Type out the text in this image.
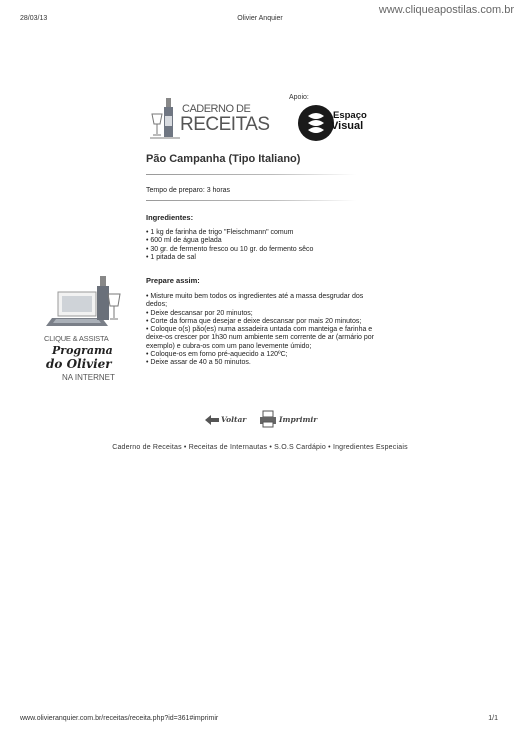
28/03/13	Olivier Anquier
www.cliqueapostilas.com.br
CADERNO DE
RECEITAS
Apoio:
Espaço
Visual
Pão Campanha (Tipo Italiano)
Tempo de preparo: 3 horas
Ingredientes:
• 1 kg de farinha de trigo "Fleischmann" comum
• 600 ml de água gelada
• 30 gr. de fermento fresco ou 10 gr. do fermento sêco
• 1 pitada de sal
Prepare assim:
• Misture muito bem todos os ingredientes até a massa desgrudar dos dedos;
• Deixe descansar por 20 minutos;
• Corte da forma que desejar e deixe descansar por mais 20 minutos;
• Coloque o(s) pão(es) numa assadeira untada com manteiga e farinha e deixe-os crescer por 1h30 num ambiente sem corrente de ar (armário por exemplo) e cubra-os com um pano levemente úmido;
• Coloque-os em forno pré-aquecido a 120ºC;
• Deixe assar de 40 a 50 minutos.
CLIQUE & ASSISTA
Programa
do Olivier
NA INTERNET
Voltar	Imprimir
Caderno de Receitas • Receitas de Internautas • S.O.S Cardápio • Ingredientes Especiais
www.olivieranquier.com.br/receitas/receita.php?id=361#imprimir	1/1
